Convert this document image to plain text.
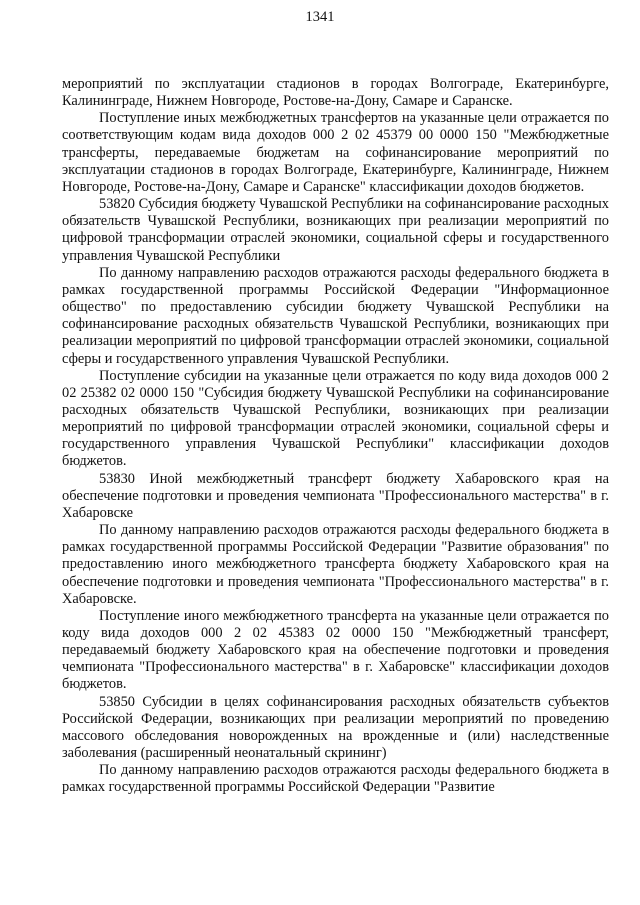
1341

мероприятий по эксплуатации стадионов в городах Волгограде, Екатеринбурге, Калининграде, Нижнем Новгороде, Ростове-на-Дону, Самаре и Саранске.

Поступление иных межбюджетных трансфертов на указанные цели отражается по соответствующим кодам вида доходов 000 2 02 45379 00 0000 150 "Межбюджетные трансферты, передаваемые бюджетам на софинансирование мероприятий по эксплуатации стадионов в городах Волгограде, Екатеринбурге, Калининграде, Нижнем Новгороде, Ростове-на-Дону, Самаре и Саранске" классификации доходов бюджетов.

53820 Субсидия бюджету Чувашской Республики на софинансирование расходных обязательств Чувашской Республики, возникающих при реализации мероприятий по цифровой трансформации отраслей экономики, социальной сферы и государственного управления Чувашской Республики

По данному направлению расходов отражаются расходы федерального бюджета в рамках государственной программы Российской Федерации "Информационное общество" по предоставлению субсидии бюджету Чувашской Республики на софинансирование расходных обязательств Чувашской Республики, возникающих при реализации мероприятий по цифровой трансформации отраслей экономики, социальной сферы и государственного управления Чувашской Республики.

Поступление субсидии на указанные цели отражается по коду вида доходов 000 2 02 25382 02 0000 150 "Субсидия бюджету Чувашской Республики на софинансирование расходных обязательств Чувашской Республики, возникающих при реализации мероприятий по цифровой трансформации отраслей экономики, социальной сферы и государственного управления Чувашской Республики" классификации доходов бюджетов.

53830 Иной межбюджетный трансферт бюджету Хабаровского края на обеспечение подготовки и проведения чемпионата "Профессионального мастерства" в г. Хабаровске

По данному направлению расходов отражаются расходы федерального бюджета в рамках государственной программы Российской Федерации "Развитие образования" по предоставлению иного межбюджетного трансферта бюджету Хабаровского края на обеспечение подготовки и проведения чемпионата "Профессионального мастерства" в г. Хабаровске.

Поступление иного межбюджетного трансферта на указанные цели отражается по коду вида доходов 000 2 02 45383 02 0000 150 "Межбюджетный трансферт, передаваемый бюджету Хабаровского края на обеспечение подготовки и проведения чемпионата "Профессионального мастерства" в г. Хабаровске" классификации доходов бюджетов.

53850 Субсидии в целях софинансирования расходных обязательств субъектов Российской Федерации, возникающих при реализации мероприятий по проведению массового обследования новорожденных на врожденные и (или) наследственные заболевания (расширенный неонатальный скрининг)

По данному направлению расходов отражаются расходы федерального бюджета в рамках государственной программы Российской Федерации "Развитие
